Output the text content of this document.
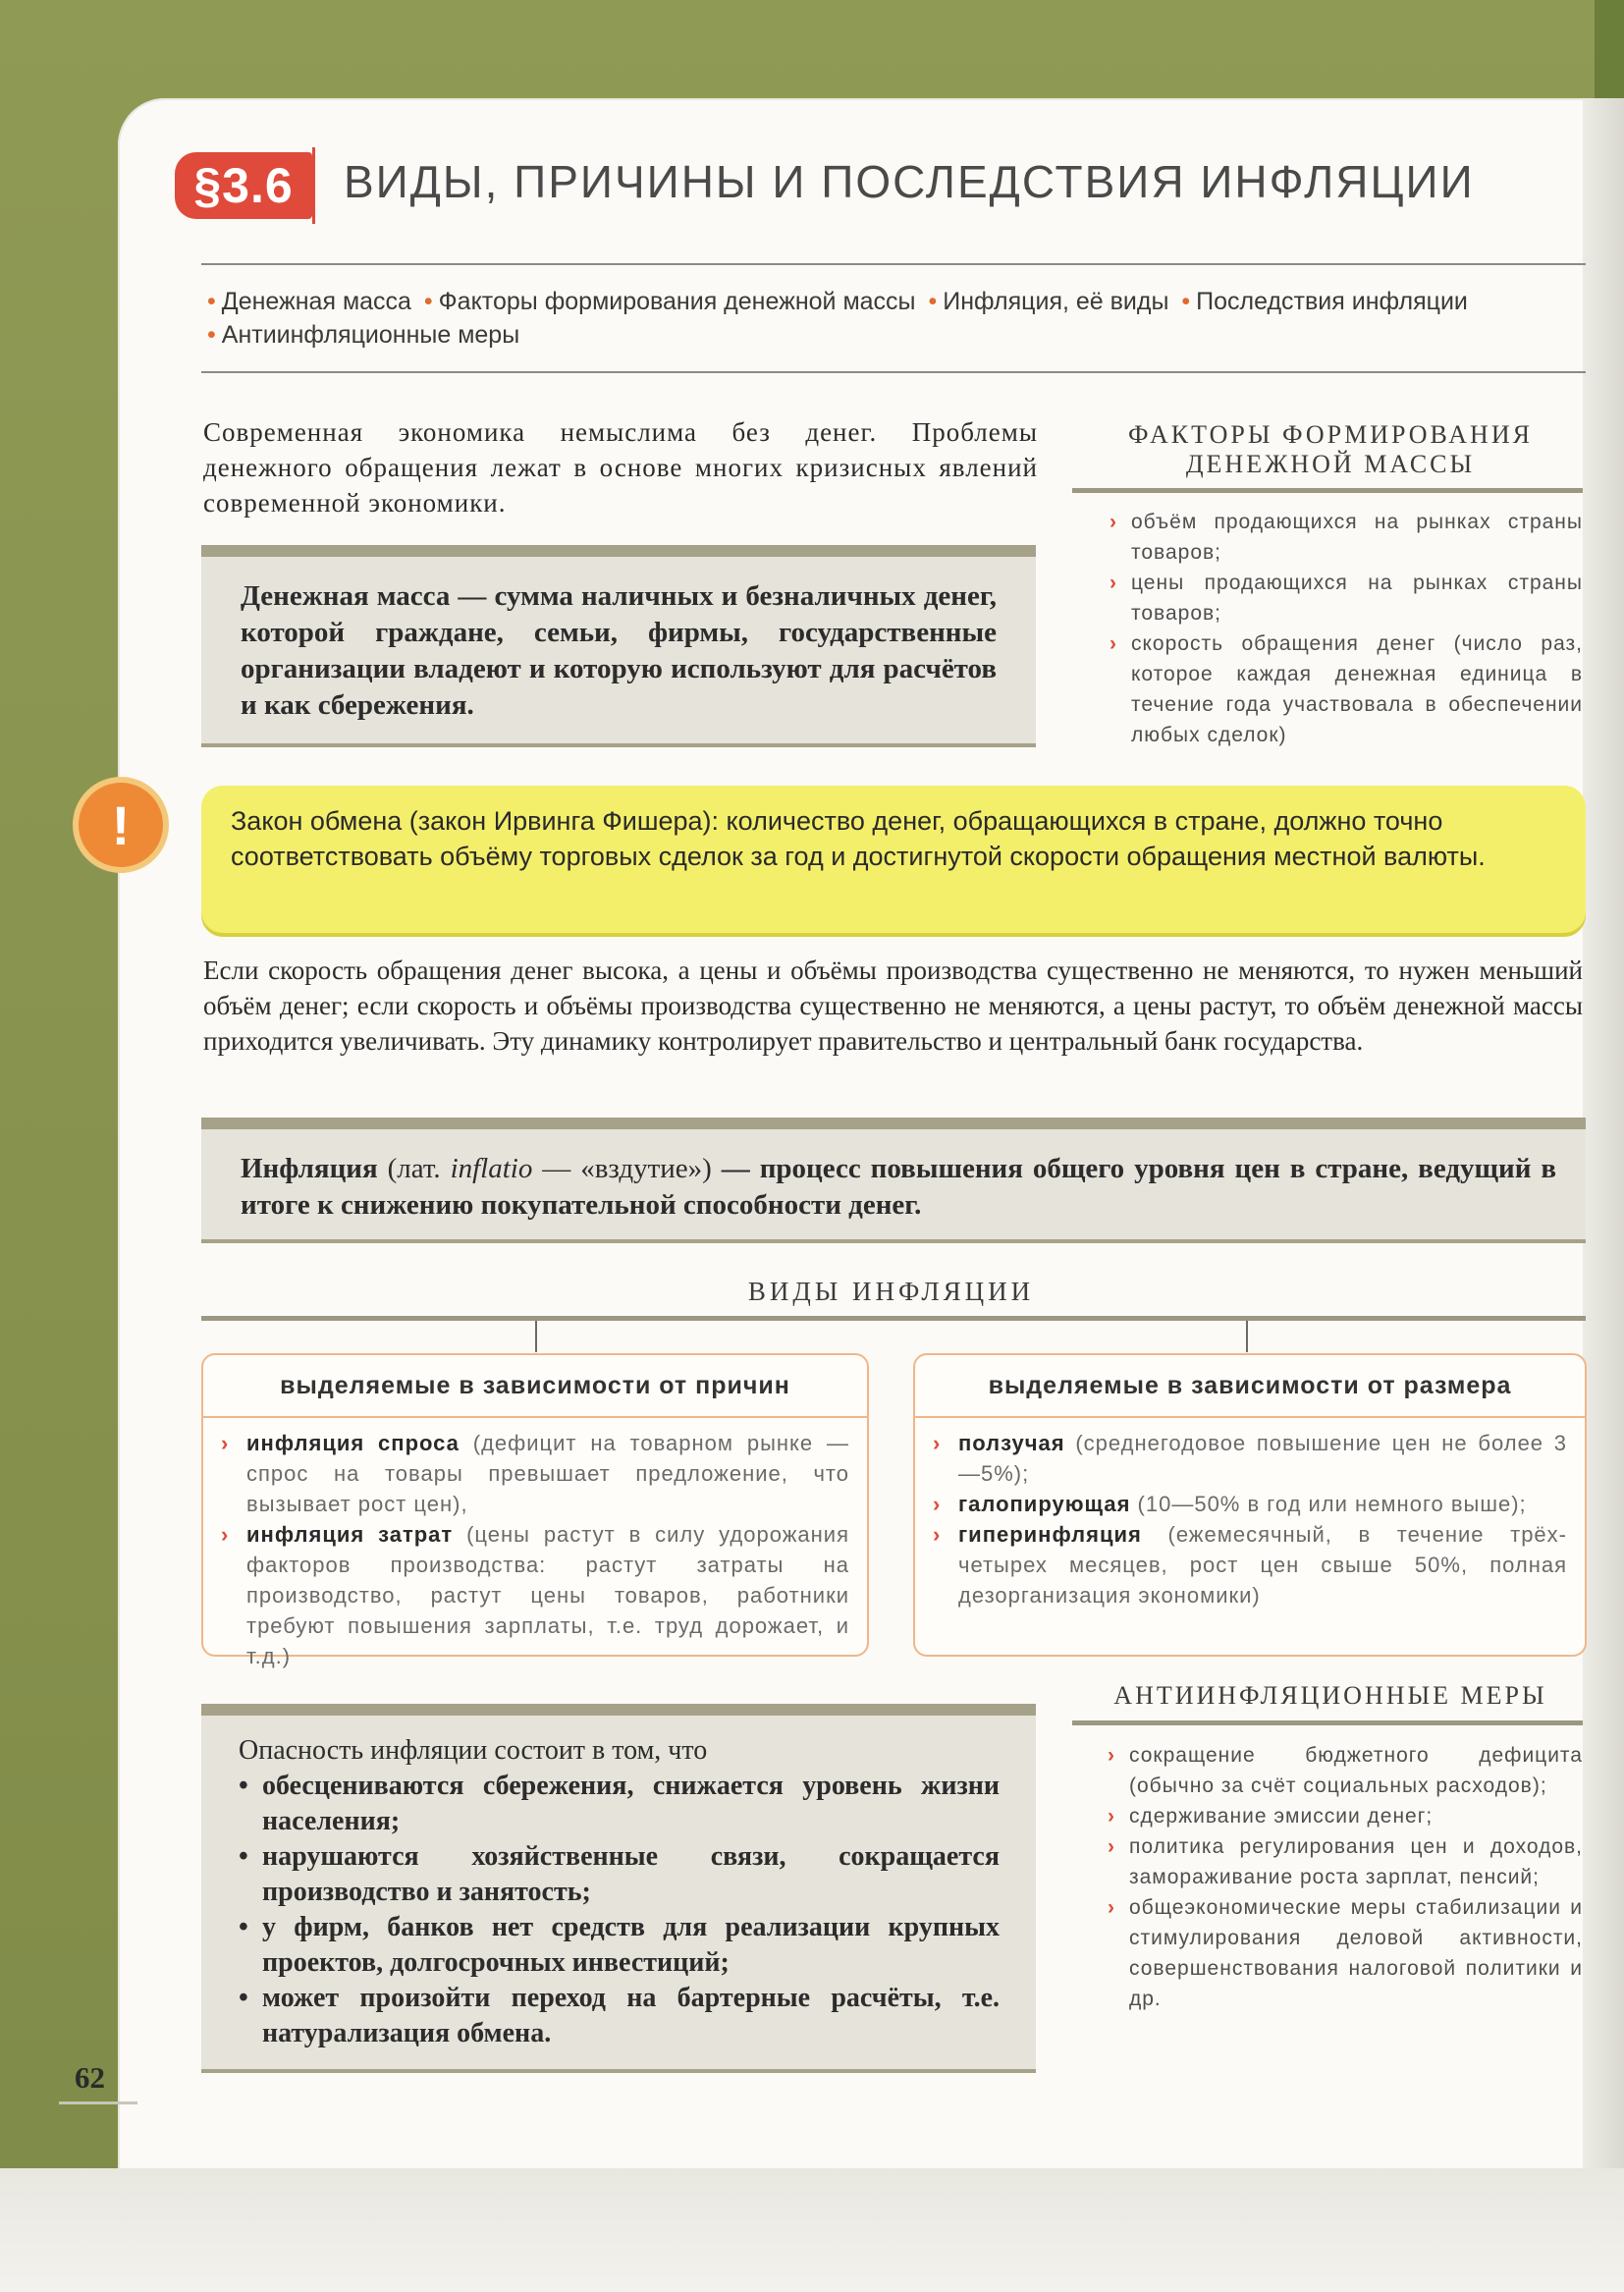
§3.6	ВИДЫ, ПРИЧИНЫ И ПОСЛЕДСТВИЯ ИНФЛЯЦИИ
• Денежная масса • Факторы формирования денежной массы • Инфляция, её виды • Последствия инфляции • Антиинфляционные меры
Современная экономика немыслима без денег. Проблемы денежного обращения лежат в основе многих кризисных явлений современной экономики.
Денежная масса — сумма наличных и безналичных денег, которой граждане, семьи, фирмы, государственные организации владеют и которую используют для расчётов и как сбережения.
ФАКТОРЫ ФОРМИРОВАНИЯ ДЕНЕЖНОЙ МАССЫ
› объём продающихся на рынках страны товаров;
› цены продающихся на рынках страны товаров;
› скорость обращения денег (число раз, которое каждая денежная единица в течение года участвовала в обеспечении любых сделок)
!	Закон обмена (закон Ирвинга Фишера): количество денег, обращающихся в стране, должно точно соответствовать объёму торговых сделок за год и достигнутой скорости обращения местной валюты.
Если скорость обращения денег высока, а цены и объёмы производства существенно не меняются, то нужен меньший объём денег; если скорость и объёмы производства существенно не меняются, а цены растут, то объём денежной массы приходится увеличивать. Эту динамику контролирует правительство и центральный банк государства.
Инфляция (лат. inflatio — «вздутие») — процесс повышения общего уровня цен в стране, ведущий в итоге к снижению покупательной способности денег.
ВИДЫ ИНФЛЯЦИИ
выделяемые в зависимости от причин
› инфляция спроса (дефицит на товарном рынке — спрос на товары превышает предложение, что вызывает рост цен),
› инфляция затрат (цены растут в силу удорожания факторов производства: растут затраты на производство, растут цены товаров, работники требуют повышения зарплаты, т.е. труд дорожает, и т.д.)
выделяемые в зависимости от размера
› ползучая (среднегодовое повышение цен не более 3—5%);
› галопирующая (10—50% в год или немного выше);
› гиперинфляция (ежемесячный, в течение трёх-четырех месяцев, рост цен свыше 50%, полная дезорганизация экономики)
Опасность инфляции состоит в том, что
• обесцениваются сбережения, снижается уровень жизни населения;
• нарушаются хозяйственные связи, сокращается производство и занятость;
• у фирм, банков нет средств для реализации крупных проектов, долгосрочных инвестиций;
• может произойти переход на бартерные расчёты, т.е. натурализация обмена.
АНТИИНФЛЯЦИОННЫЕ МЕРЫ
› сокращение бюджетного дефицита (обычно за счёт социальных расходов);
› сдерживание эмиссии денег;
› политика регулирования цен и доходов, замораживание роста зарплат, пенсий;
› общеэкономические меры стабилизации и стимулирования деловой активности, совершенствования налоговой политики и др.
62
